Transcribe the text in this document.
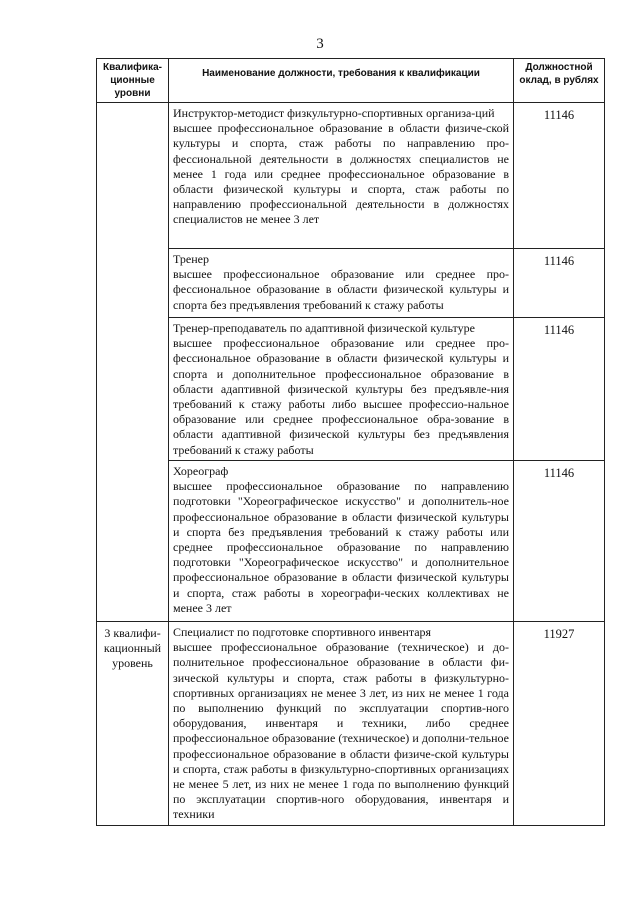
3
Квалифика-ционные уровни	Наименование должности, требования к квалификации	Должностной оклад, в рублях

	Инструктор-методист физкультурно-спортивных организа-ций
высшее профессиональное образование в области физиче-ской культуры и спорта, стаж работы по направлению про-фессиональной деятельности в должностях специалистов не менее 1 года или среднее профессиональное образование в области физической культуры и спорта, стаж работы по направлению профессиональной деятельности в должностях специалистов не менее 3 лет	11146

	Тренер
высшее профессиональное образование или среднее про-фессиональное образование в области физической культуры и спорта без предъявления требований к стажу работы	11146

	Тренер-преподаватель по адаптивной физической культуре
высшее профессиональное образование или среднее про-фессиональное образование в области физической культуры и спорта и дополнительное профессиональное образование в области адаптивной физической культуры без предъявле-ния требований к стажу работы либо высшее профессио-нальное образование или среднее профессиональное обра-зование в области адаптивной физической культуры без предъявления требований к стажу работы	11146

	Хореограф
высшее профессиональное образование по направлению подготовки "Хореографическое искусство" и дополнитель-ное профессиональное образование в области физической культуры и спорта без предъявления требований к стажу работы или среднее профессиональное образование по направлению подготовки "Хореографическое искусство" и дополнительное профессиональное образование в области физической культуры и спорта, стаж работы в хореографи-ческих коллективах не менее 3 лет	11146
3 квалифи-кационный уровень	Специалист по подготовке спортивного инвентаря
высшее профессиональное образование (техническое) и до-полнительное профессиональное образование в области фи-зической культуры и спорта, стаж работы в физкультурно-спортивных организациях не менее 3 лет, из них не менее 1 года по выполнению функций по эксплуатации спортив-ного оборудования, инвентаря и техники, либо среднее профессиональное образование (техническое) и дополни-тельное профессиональное образование в области физиче-ской культуры и спорта, стаж работы в физкультурно-спортивных организациях не менее 5 лет, из них не менее 1 года по выполнению функций по эксплуатации спортив-ного оборудования, инвентаря и техники	11927
